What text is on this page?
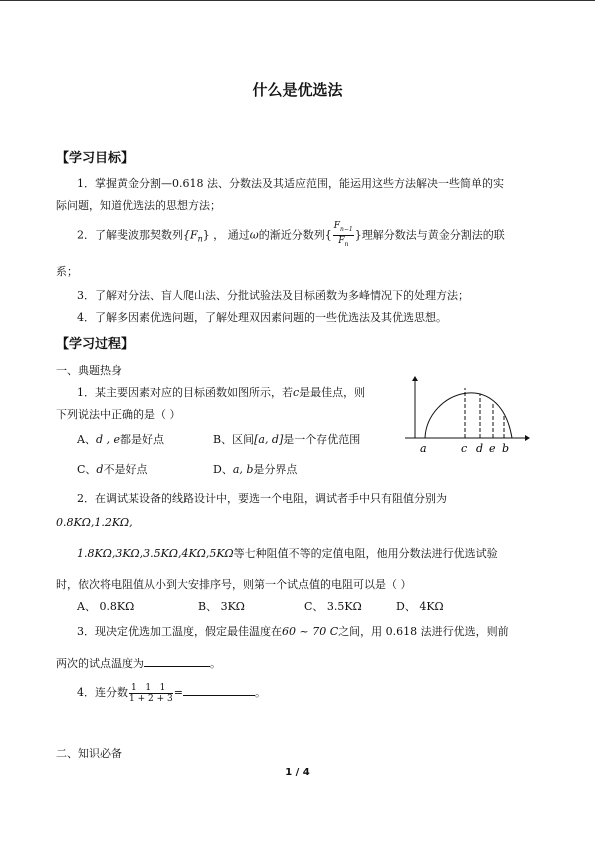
什么是优选法
【学习目标】
1．掌握黄金分割—0.618 法、分数法及其适应范围，能运用这些方法解决一些简单的实
际问题，知道优选法的思想方法；
2．了解斐波那契数列$\{F_n\}$ ， 通过ω的渐近分数列{ $\frac{F_{n-1}}{F_n}$ }理解分数法与黄金分割法的联
系；
3．了解对分法、盲人爬山法、分批试验法及目标函数为多峰情况下的处理方法；
4．了解多因素优选问题，了解处理双因素问题的一些优选法及其优选思想。
【学习过程】
一、典题热身
1．某主要因素对应的目标函数如图所示，若c是最佳点，则
下列说法中正确的是（ ）
A、d , e都是好点	B、区间[a, d]是一个存优范围
C、d不是好点	D、a, b是分界点
a	c d e b
2．在调试某设备的线路设计中，要选一个电阻，调试者手中只有阻值分别为
0.8KΩ,1.2KΩ,
1.8KΩ,3KΩ,3.5KΩ,4KΩ,5KΩ等七种阻值不等的定值电阻，他用分数法进行优选试验
时，依次将电阻值从小到大安排序号，则第一个试点值的电阻可以是（ ）
A、 0.8KΩ	B、 3KΩ	C、 3.5KΩ	D、 4KΩ
3．现决定优选加工温度，假定最佳温度在60 ~ 70 C之间，用 0.618 法进行优选，则前
两次的试点温度为	。
4．连分数 $\frac{1 1 1}{1 + 2 + 3}$ =	。
二、知识必备
1 / 4
